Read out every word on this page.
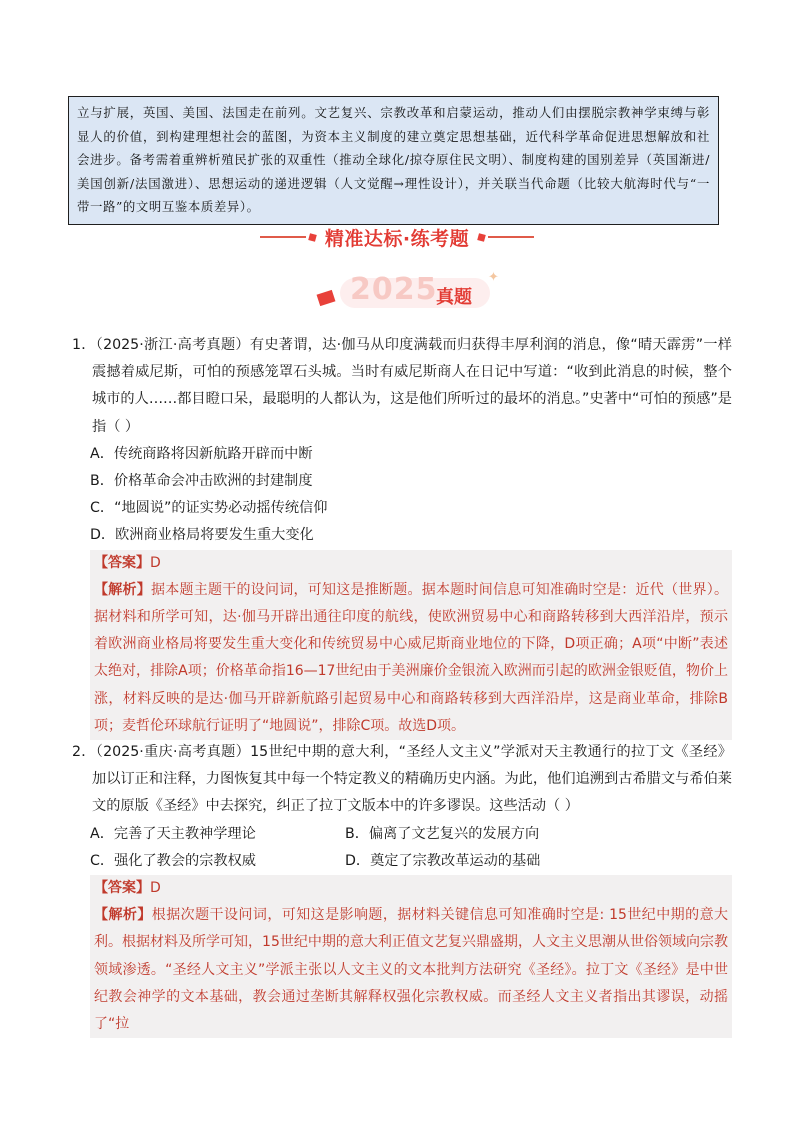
立与扩展，英国、美国、法国走在前列。文艺复兴、宗教改革和启蒙运动，推动人们由摆脱宗教神学束缚与彰显人的价值，到构建理想社会的蓝图，为资本主义制度的建立奠定思想基础，近代科学革命促进思想解放和社会进步。备考需着重辨析殖民扩张的双重性（推动全球化/掠夺原住民文明）、制度构建的国别差异（英国渐进/美国创新/法国激进）、思想运动的递进逻辑（人文觉醒→理性设计），并关联当代命题（比较大航海时代与“一带一路”的文明互鉴本质差异）。
精准达标·练考题
2025
真题
✦
1．（2025·浙江·高考真题）有史著谓，达·伽马从印度满载而归获得丰厚利润的消息，像“晴天霹雳”一样震撼着威尼斯，可怕的预感笼罩石头城。当时有威尼斯商人在日记中写道：“收到此消息的时候，整个城市的人……都目瞪口呆，最聪明的人都认为，这是他们所听过的最坏的消息。”史著中“可怕的预感”是指（ ）
A．传统商路将因新航路开辟而中断
B．价格革命会冲击欧洲的封建制度
C．“地圆说”的证实势必动摇传统信仰
D．欧洲商业格局将要发生重大变化
【答案】D
【解析】据本题主题干的设问词，可知这是推断题。据本题时间信息可知准确时空是：近代（世界）。据材料和所学可知，达·伽马开辟出通往印度的航线，使欧洲贸易中心和商路转移到大西洋沿岸，预示着欧洲商业格局将要发生重大变化和传统贸易中心威尼斯商业地位的下降，D项正确；A项“中断”表述太绝对，排除A项；价格革命指16—17世纪由于美洲廉价金银流入欧洲而引起的欧洲金银贬值，物价上涨，材料反映的是达·伽马开辟新航路引起贸易中心和商路转移到大西洋沿岸，这是商业革命，排除B项；麦哲伦环球航行证明了“地圆说”，排除C项。故选D项。
2．（2025·重庆·高考真题）15世纪中期的意大利，“圣经人文主义”学派对天主教通行的拉丁文《圣经》加以订正和注释，力图恢复其中每一个特定教义的精确历史内涵。为此，他们追溯到古希腊文与希伯莱文的原版《圣经》中去探究，纠正了拉丁文版本中的许多谬误。这些活动（ ）
A．完善了天主教神学理论	B．偏离了文艺复兴的发展方向
C．强化了教会的宗教权威	D．奠定了宗教改革运动的基础
【答案】D
【解析】根据次题干设问词，可知这是影响题，据材料关键信息可知准确时空是: 15世纪中期的意大利。根据材料及所学可知，15世纪中期的意大利正值文艺复兴鼎盛期，人文主义思潮从世俗领域向宗教领域渗透。“圣经人文主义”学派主张以人文主义的文本批判方法研究《圣经》。拉丁文《圣经》是中世纪教会神学的文本基础，教会通过垄断其解释权强化宗教权威。而圣经人文主义者指出其谬误，动摇了“拉
